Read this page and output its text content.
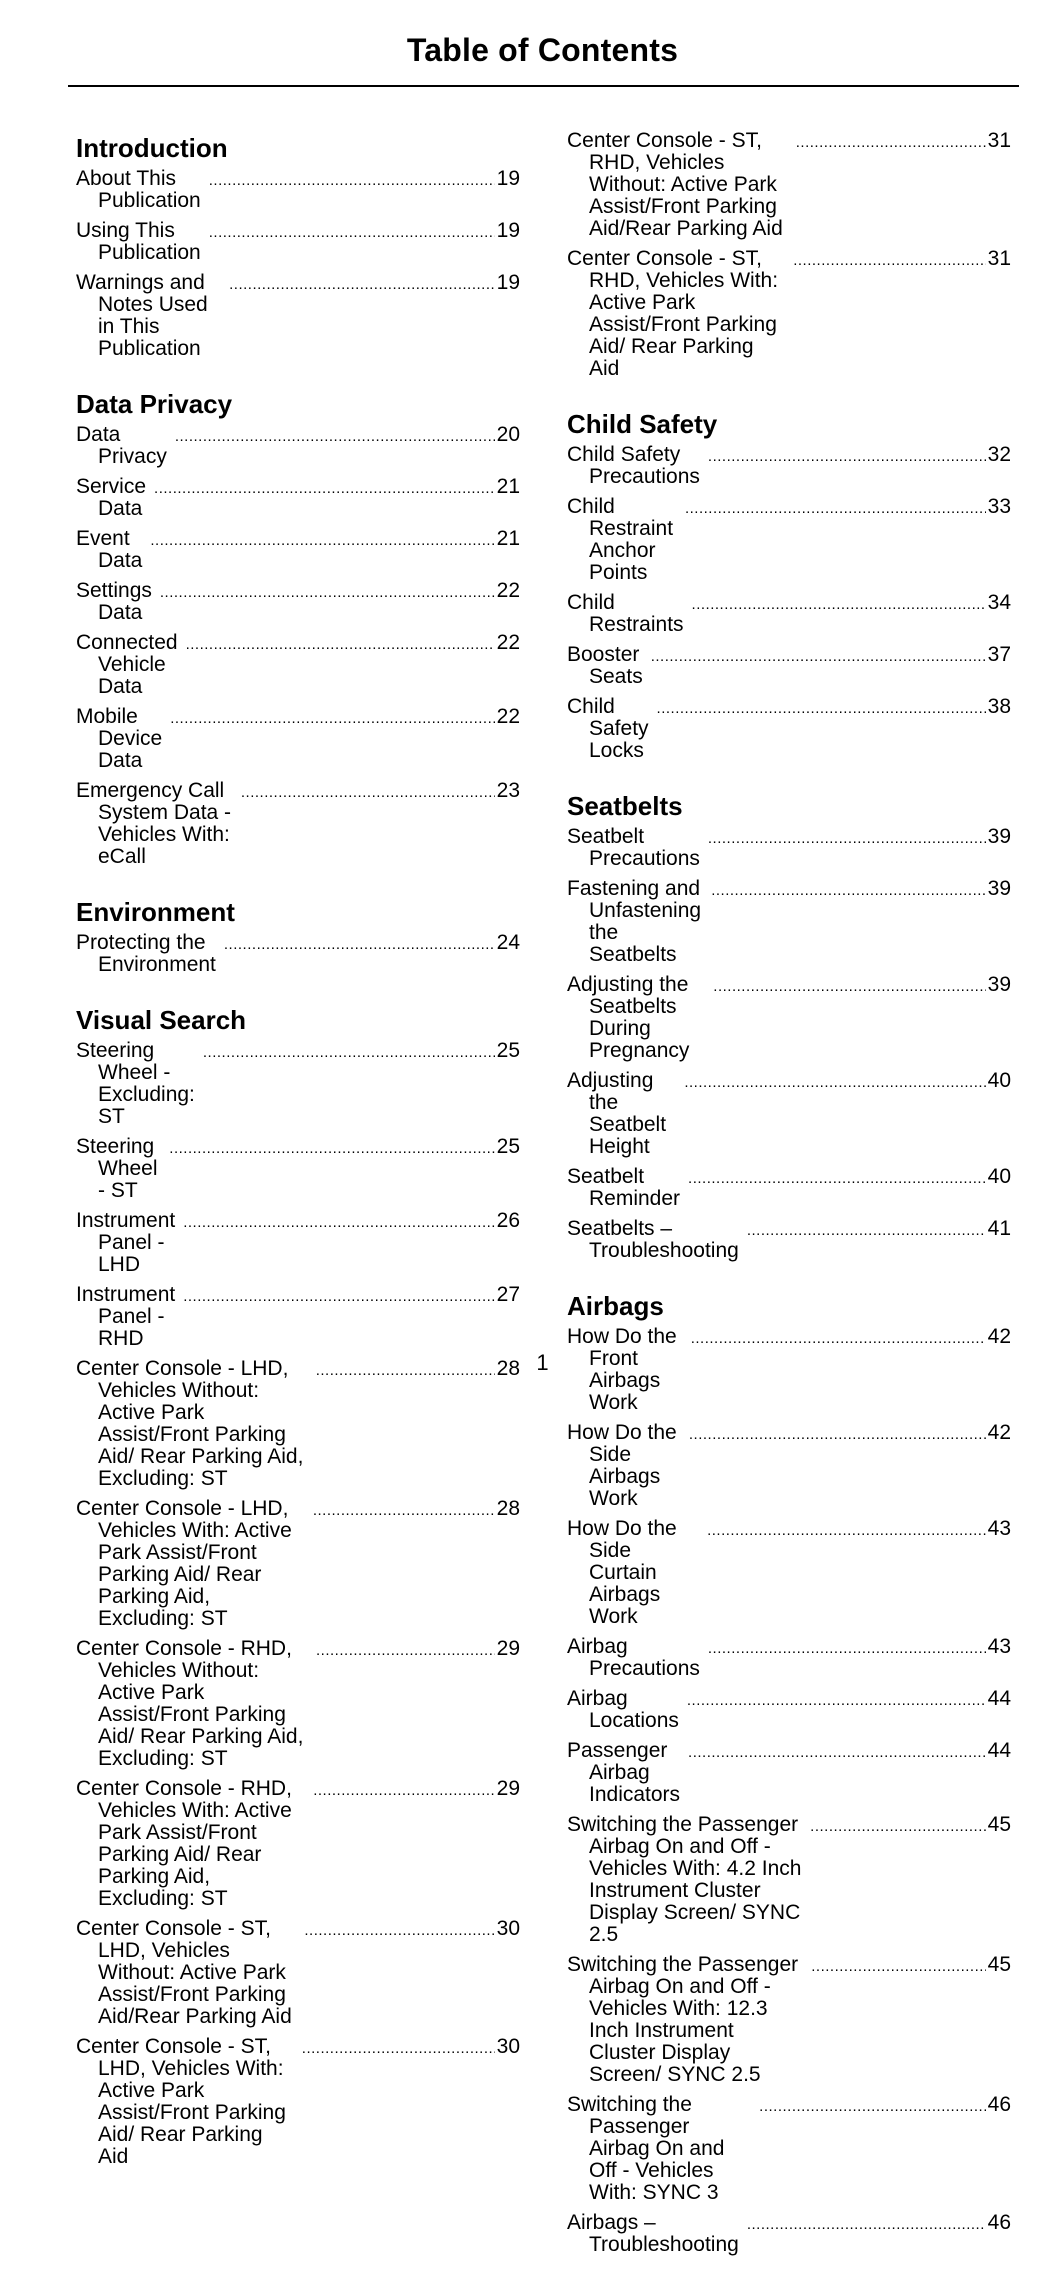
Table of Contents
Introduction
About This Publication
.....
19
Using This Publication
.....
19
Warnings and Notes Used in This Publication
.....
19
Data Privacy
Data Privacy
.....
20
Service Data
.....
21
Event Data
.....
21
Settings Data
.....
22
Connected Vehicle Data
.....
22
Mobile Device Data
.....
22
Emergency Call System Data - Vehicles With: eCall
.....
23
Environment
Protecting the Environment
.....
24
Visual Search
Steering Wheel - Excluding: ST
.....
25
Steering Wheel - ST
.....
25
Instrument Panel - LHD
.....
26
Instrument Panel - RHD
.....
27
Center Console - LHD, Vehicles Without: Active Park Assist/Front Parking Aid/ Rear Parking Aid, Excluding: ST
.....
28
Center Console - LHD, Vehicles With: Active Park Assist/Front Parking Aid/ Rear Parking Aid, Excluding: ST
.....
28
Center Console - RHD, Vehicles Without: Active Park Assist/Front Parking Aid/ Rear Parking Aid, Excluding: ST
.....
29
Center Console - RHD, Vehicles With: Active Park Assist/Front Parking Aid/ Rear Parking Aid, Excluding: ST
.....
29
Center Console - ST, LHD, Vehicles Without: Active Park Assist/Front Parking Aid/Rear Parking Aid
.....
30
Center Console - ST, LHD, Vehicles With: Active Park Assist/Front Parking Aid/ Rear Parking Aid
.....
30
Center Console - ST, RHD, Vehicles Without: Active Park Assist/Front Parking Aid/Rear Parking Aid
.....
31
Center Console - ST, RHD, Vehicles With: Active Park Assist/Front Parking Aid/ Rear Parking Aid
.....
31
Child Safety
Child Safety Precautions
.....
32
Child Restraint Anchor Points
.....
33
Child Restraints
.....
34
Booster Seats
.....
37
Child Safety Locks
.....
38
Seatbelts
Seatbelt Precautions
.....
39
Fastening and Unfastening the Seatbelts
.....
39
Adjusting the Seatbelts During Pregnancy
.....
39
Adjusting the Seatbelt Height
.....
40
Seatbelt Reminder
.....
40
Seatbelts – Troubleshooting
.....
41
Airbags
How Do the Front Airbags Work
.....
42
How Do the Side Airbags Work
.....
42
How Do the Side Curtain Airbags Work
.....
43
Airbag Precautions
.....
43
Airbag Locations
.....
44
Passenger Airbag Indicators
.....
44
Switching the Passenger Airbag On and Off - Vehicles With: 4.2 Inch Instrument Cluster Display Screen/ SYNC 2.5
.....
45
Switching the Passenger Airbag On and Off - Vehicles With: 12.3 Inch Instrument Cluster Display Screen/ SYNC 2.5
.....
45
Switching the Passenger Airbag On and Off - Vehicles With: SYNC 3
.....
46
Airbags – Troubleshooting
.....
46
1
